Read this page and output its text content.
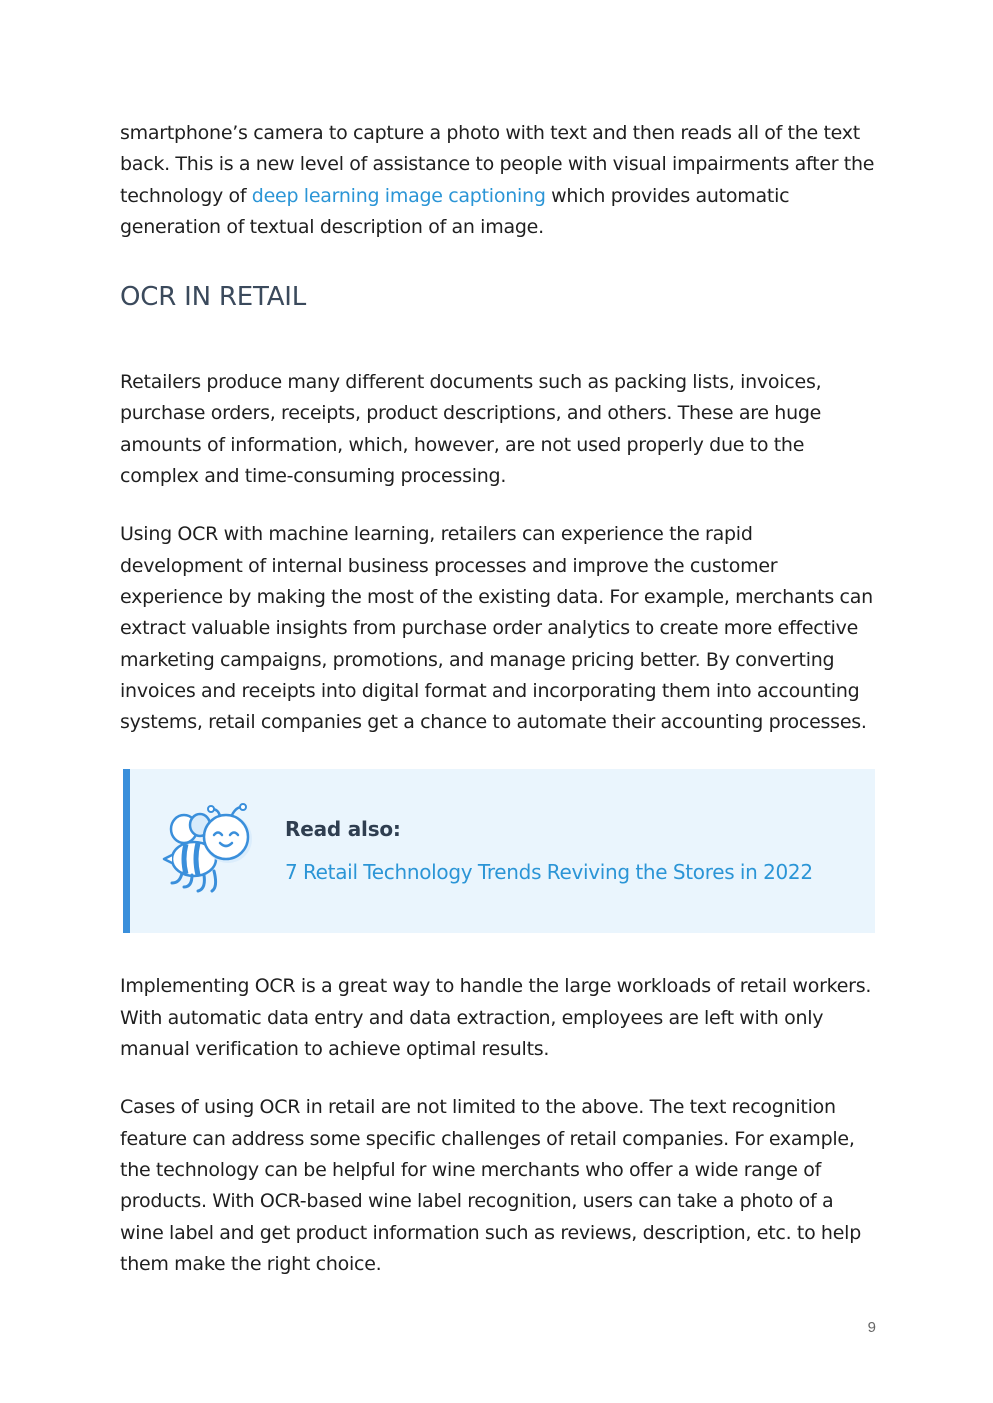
smartphone’s camera to capture a photo with text and then reads all of the text back. This is a new level of assistance to people with visual impairments after the technology of deep learning image captioning which provides automatic generation of textual description of an image.

OCR IN RETAIL

Retailers produce many different documents such as packing lists, invoices, purchase orders, receipts, product descriptions, and others. These are huge amounts of information, which, however, are not used properly due to the complex and time-consuming processing.

Using OCR with machine learning, retailers can experience the rapid development of internal business processes and improve the customer experience by making the most of the existing data. For example, merchants can extract valuable insights from purchase order analytics to create more effective marketing campaigns, promotions, and manage pricing better. By converting invoices and receipts into digital format and incorporating them into accounting systems, retail companies get a chance to automate their accounting processes.

Read also:
7 Retail Technology Trends Reviving the Stores in 2022

Implementing OCR is a great way to handle the large workloads of retail workers. With automatic data entry and data extraction, employees are left with only manual verification to achieve optimal results.

Cases of using OCR in retail are not limited to the above. The text recognition feature can address some specific challenges of retail companies. For example, the technology can be helpful for wine merchants who offer a wide range of products. With OCR-based wine label recognition, users can take a photo of a wine label and get product information such as reviews, description, etc. to help them make the right choice.

9
